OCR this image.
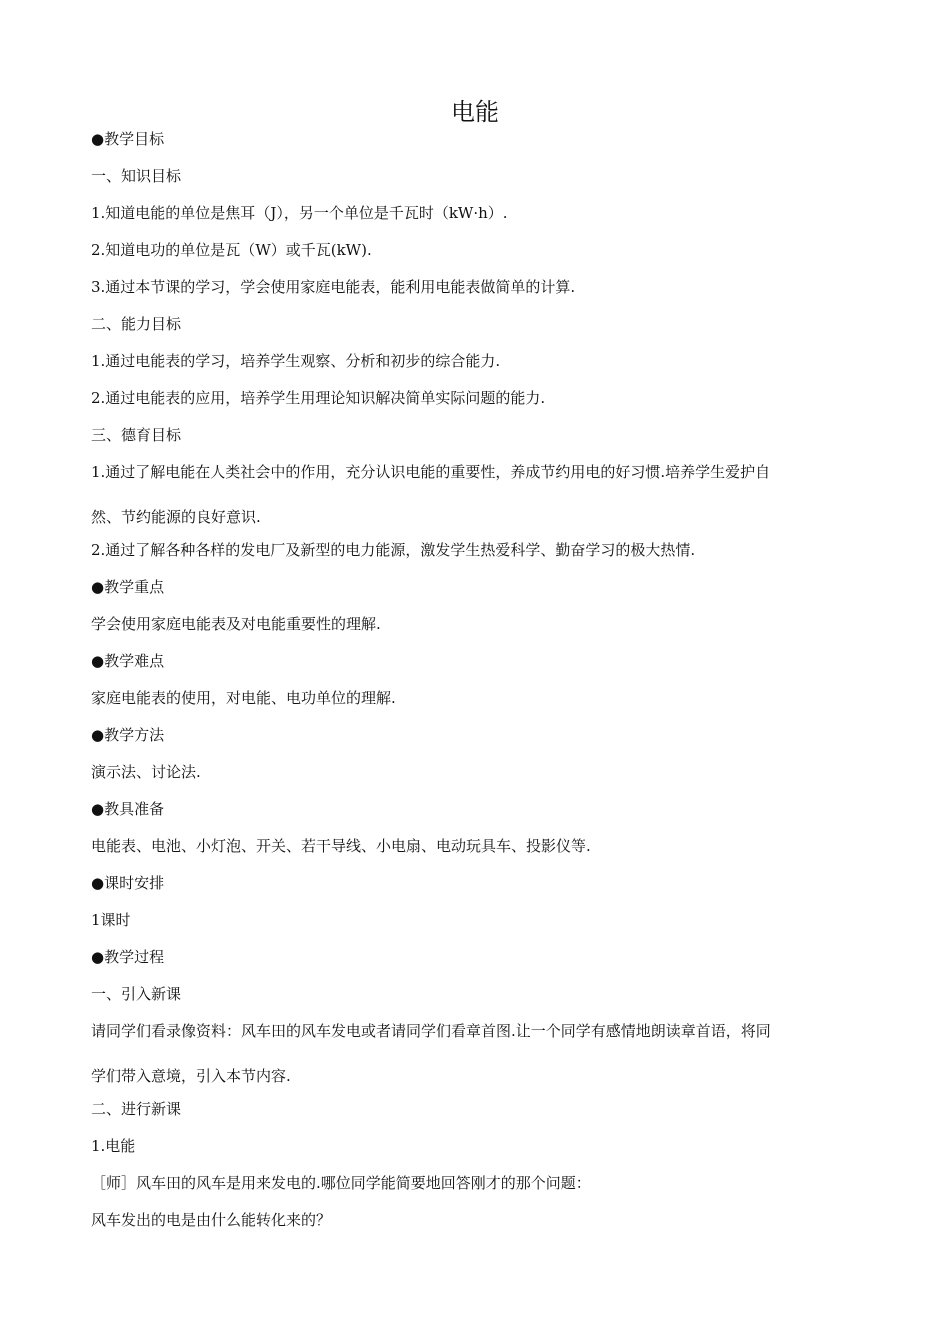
电能
●教学目标
一、知识目标
1.知道电能的单位是焦耳（J），另一个单位是千瓦时（kW·h）.
2.知道电功的单位是瓦（W）或千瓦(kW).
3.通过本节课的学习，学会使用家庭电能表，能利用电能表做简单的计算.
二、能力目标
1.通过电能表的学习，培养学生观察、分析和初步的综合能力.
2.通过电能表的应用，培养学生用理论知识解决简单实际问题的能力.
三、德育目标
1.通过了解电能在人类社会中的作用，充分认识电能的重要性，养成节约用电的好习惯.培养学生爱护自
然、节约能源的良好意识.
2.通过了解各种各样的发电厂及新型的电力能源，激发学生热爱科学、勤奋学习的极大热情.
●教学重点
学会使用家庭电能表及对电能重要性的理解.
●教学难点
家庭电能表的使用，对电能、电功单位的理解.
●教学方法
演示法、讨论法.
●教具准备
电能表、电池、小灯泡、开关、若干导线、小电扇、电动玩具车、投影仪等.
●课时安排
1课时
●教学过程
一、引入新课
请同学们看录像资料：风车田的风车发电或者请同学们看章首图.让一个同学有感情地朗读章首语，将同
学们带入意境，引入本节内容.
二、进行新课
1.电能
［师］风车田的风车是用来发电的.哪位同学能简要地回答刚才的那个问题：
风车发出的电是由什么能转化来的？
